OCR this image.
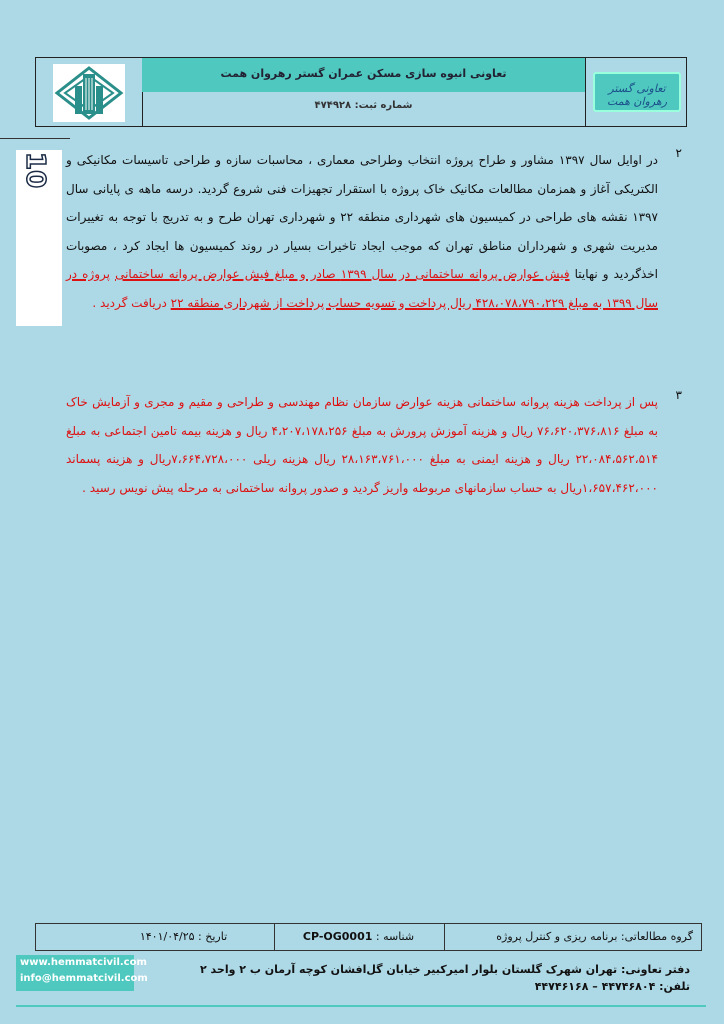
تعاونی انبوه سازی مسکن عمران گستر رهروان همت
شماره ثبت: ۴۷۴۹۲۸
تعاونی گستر رهروان همت
10	۲

در اوایل سال ۱۳۹۷ مشاور و طراح پروژه انتخاب وطراحی معماری ، محاسبات سازه و طراحی تاسیسات مکانیکی و الکتریکی آغاز و همزمان مطالعات مکانیک خاک پروژه با استقرار تجهیزات فنی شروع گردید. درسه ماهه ی پایانی سال ۱۳۹۷ نقشه های طراحی در کمیسیون های شهرداری منطقه ۲۲ و شهرداری تهران طرح و به تدریج با توجه به تغییرات مدیریت شهری و شهرداران مناطق تهران که موجب ایجاد تاخیرات بسیار در روند کمیسیون ها ایجاد کرد ، مصوبات اخذگردید و نهایتا فیش عوارض پروانه ساختمانی در سال ۱۳۹۹ صادر و مبلغ فیش عوارض پروانه ساختمانی پروژه در سال ۱۳۹۹ به مبلغ ۴۲۸،۰۷۸،۷۹۰،۲۲۹ ریال پرداخت و تسویه حساب پرداخت از شهرداری منطقه ۲۲ دریافت گردید .

۳

پس از پرداخت هزینه پروانه ساختمانی هزینه عوارض سازمان نظام مهندسی و طراحی و مقیم و مجری و آزمایش خاک به مبلغ ۷۶،۶۲۰،۳۷۶،۸۱۶ ریال و هزینه آموزش پرورش به مبلغ ۴،۲۰۷،۱۷۸،۲۵۶ ریال و هزینه بیمه تامین اجتماعی به مبلغ ۲۲،۰۸۴،۵۶۲،۵۱۴ ریال و هزینه ایمنی به مبلغ ۲۸،۱۶۳،۷۶۱،۰۰۰ ریال هزینه ریلی ۷،۶۶۴،۷۲۸،۰۰۰ریال و هزینه پسماند ۱،۶۵۷،۴۶۲،۰۰۰ریال به حساب سازمانهای مربوطه واریز گردید و صدور پروانه ساختمانی به مرحله پیش نویس رسید .

گروه مطالعاتی: برنامه ریزی و کنترل پروژه
شناسه : CP-OG0001
تاریخ : ۱۴۰۱/۰۴/۲۵
www.hemmatcivil.com
info@hemmatcivil.com
دفتر تعاونی: تهران شهرک گلستان بلوار امیرکبیر خیابان گل‌افشان کوچه آرمان ب ۲ واحد ۲
تلفن: ۴۴۷۴۶۸۰۴ – ۴۴۷۴۶۱۶۸
